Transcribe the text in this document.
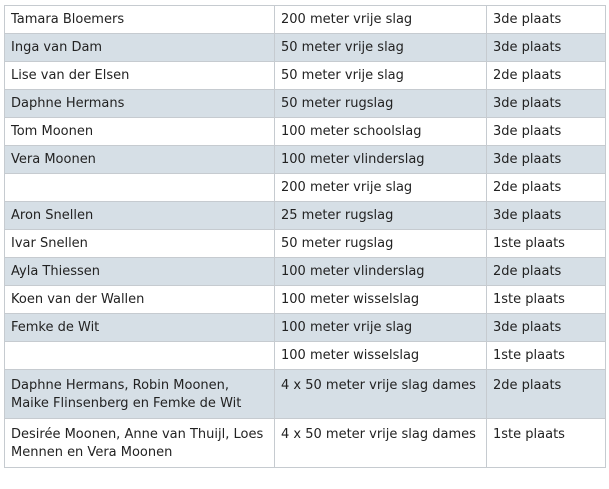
Tamara Bloemers	200 meter vrije slag	3de plaats

Inga van Dam	50 meter vrije slag	3de plaats

Lise van der Elsen	50 meter vrije slag	2de plaats

Daphne Hermans	50 meter rugslag	3de plaats

Tom Moonen	100 meter schoolslag	3de plaats

Vera Moonen	100 meter vlinderslag	3de plaats

	200 meter vrije slag	2de plaats

Aron Snellen	25 meter rugslag	3de plaats

Ivar Snellen	50 meter rugslag	1ste plaats

Ayla Thiessen	100 meter vlinderslag	2de plaats

Koen van der Wallen	100 meter wisselslag	1ste plaats

Femke de Wit	100 meter vrije slag	3de plaats

	100 meter wisselslag	1ste plaats

Daphne Hermans, Robin Moonen, Maike Flinsenberg en Femke de Wit	4 x 50 meter vrije slag dames	2de plaats

Desirée Moonen, Anne van Thuijl, Loes Mennen en Vera Moonen	4 x 50 meter vrije slag dames	1ste plaats
